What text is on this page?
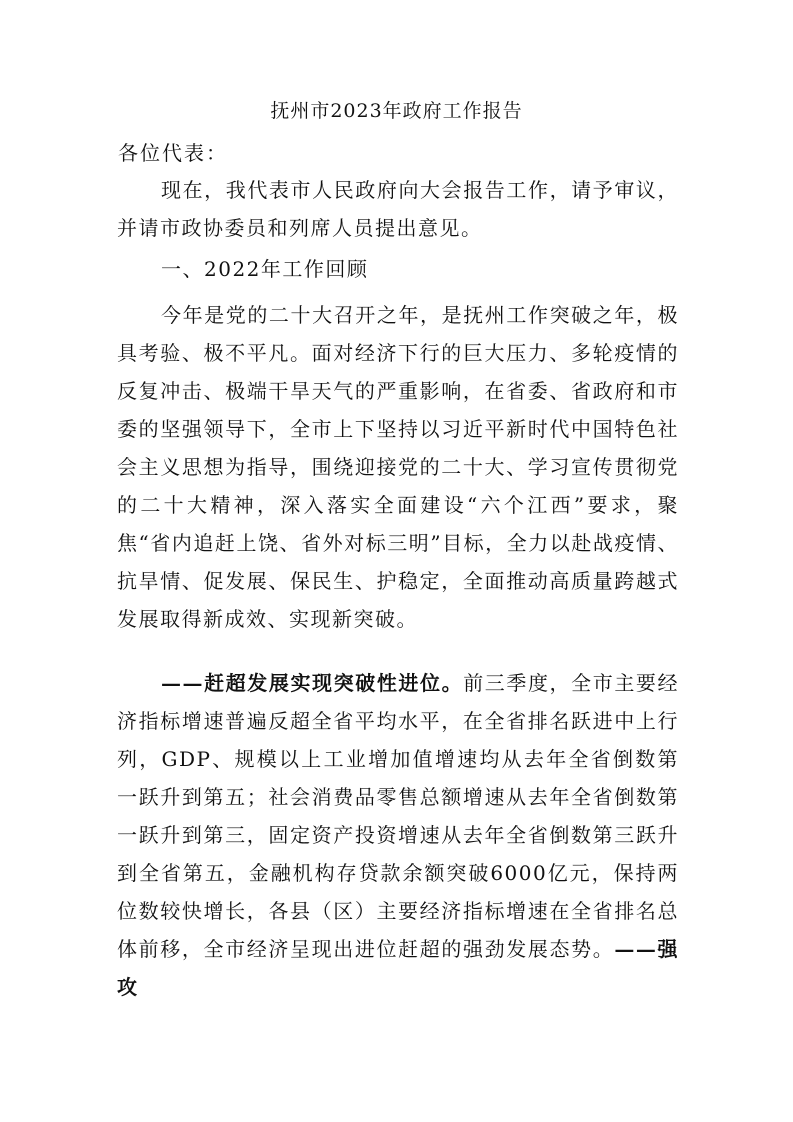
抚州市2023年政府工作报告
各位代表：

现在，我代表市人民政府向大会报告工作，请予审议，并请市政协委员和列席人员提出意见。

一、2022年工作回顾

今年是党的二十大召开之年，是抚州工作突破之年，极具考验、极不平凡。面对经济下行的巨大压力、多轮疫情的反复冲击、极端干旱天气的严重影响，在省委、省政府和市委的坚强领导下，全市上下坚持以习近平新时代中国特色社会主义思想为指导，围绕迎接党的二十大、学习宣传贯彻党的二十大精神，深入落实全面建设“六个江西”要求，聚焦“省内追赶上饶、省外对标三明”目标，全力以赴战疫情、抗旱情、促发展、保民生、护稳定，全面推动高质量跨越式发展取得新成效、实现新突破。

——赶超发展实现突破性进位。前三季度，全市主要经济指标增速普遍反超全省平均水平，在全省排名跃进中上行列，GDP、规模以上工业增加值增速均从去年全省倒数第一跃升到第五；社会消费品零售总额增速从去年全省倒数第一跃升到第三，固定资产投资增速从去年全省倒数第三跃升到全省第五，金融机构存贷款余额突破6000亿元，保持两位数较快增长，各县（区）主要经济指标增速在全省排名总体前移，全市经济呈现出进位赶超的强劲发展态势。——强攻
